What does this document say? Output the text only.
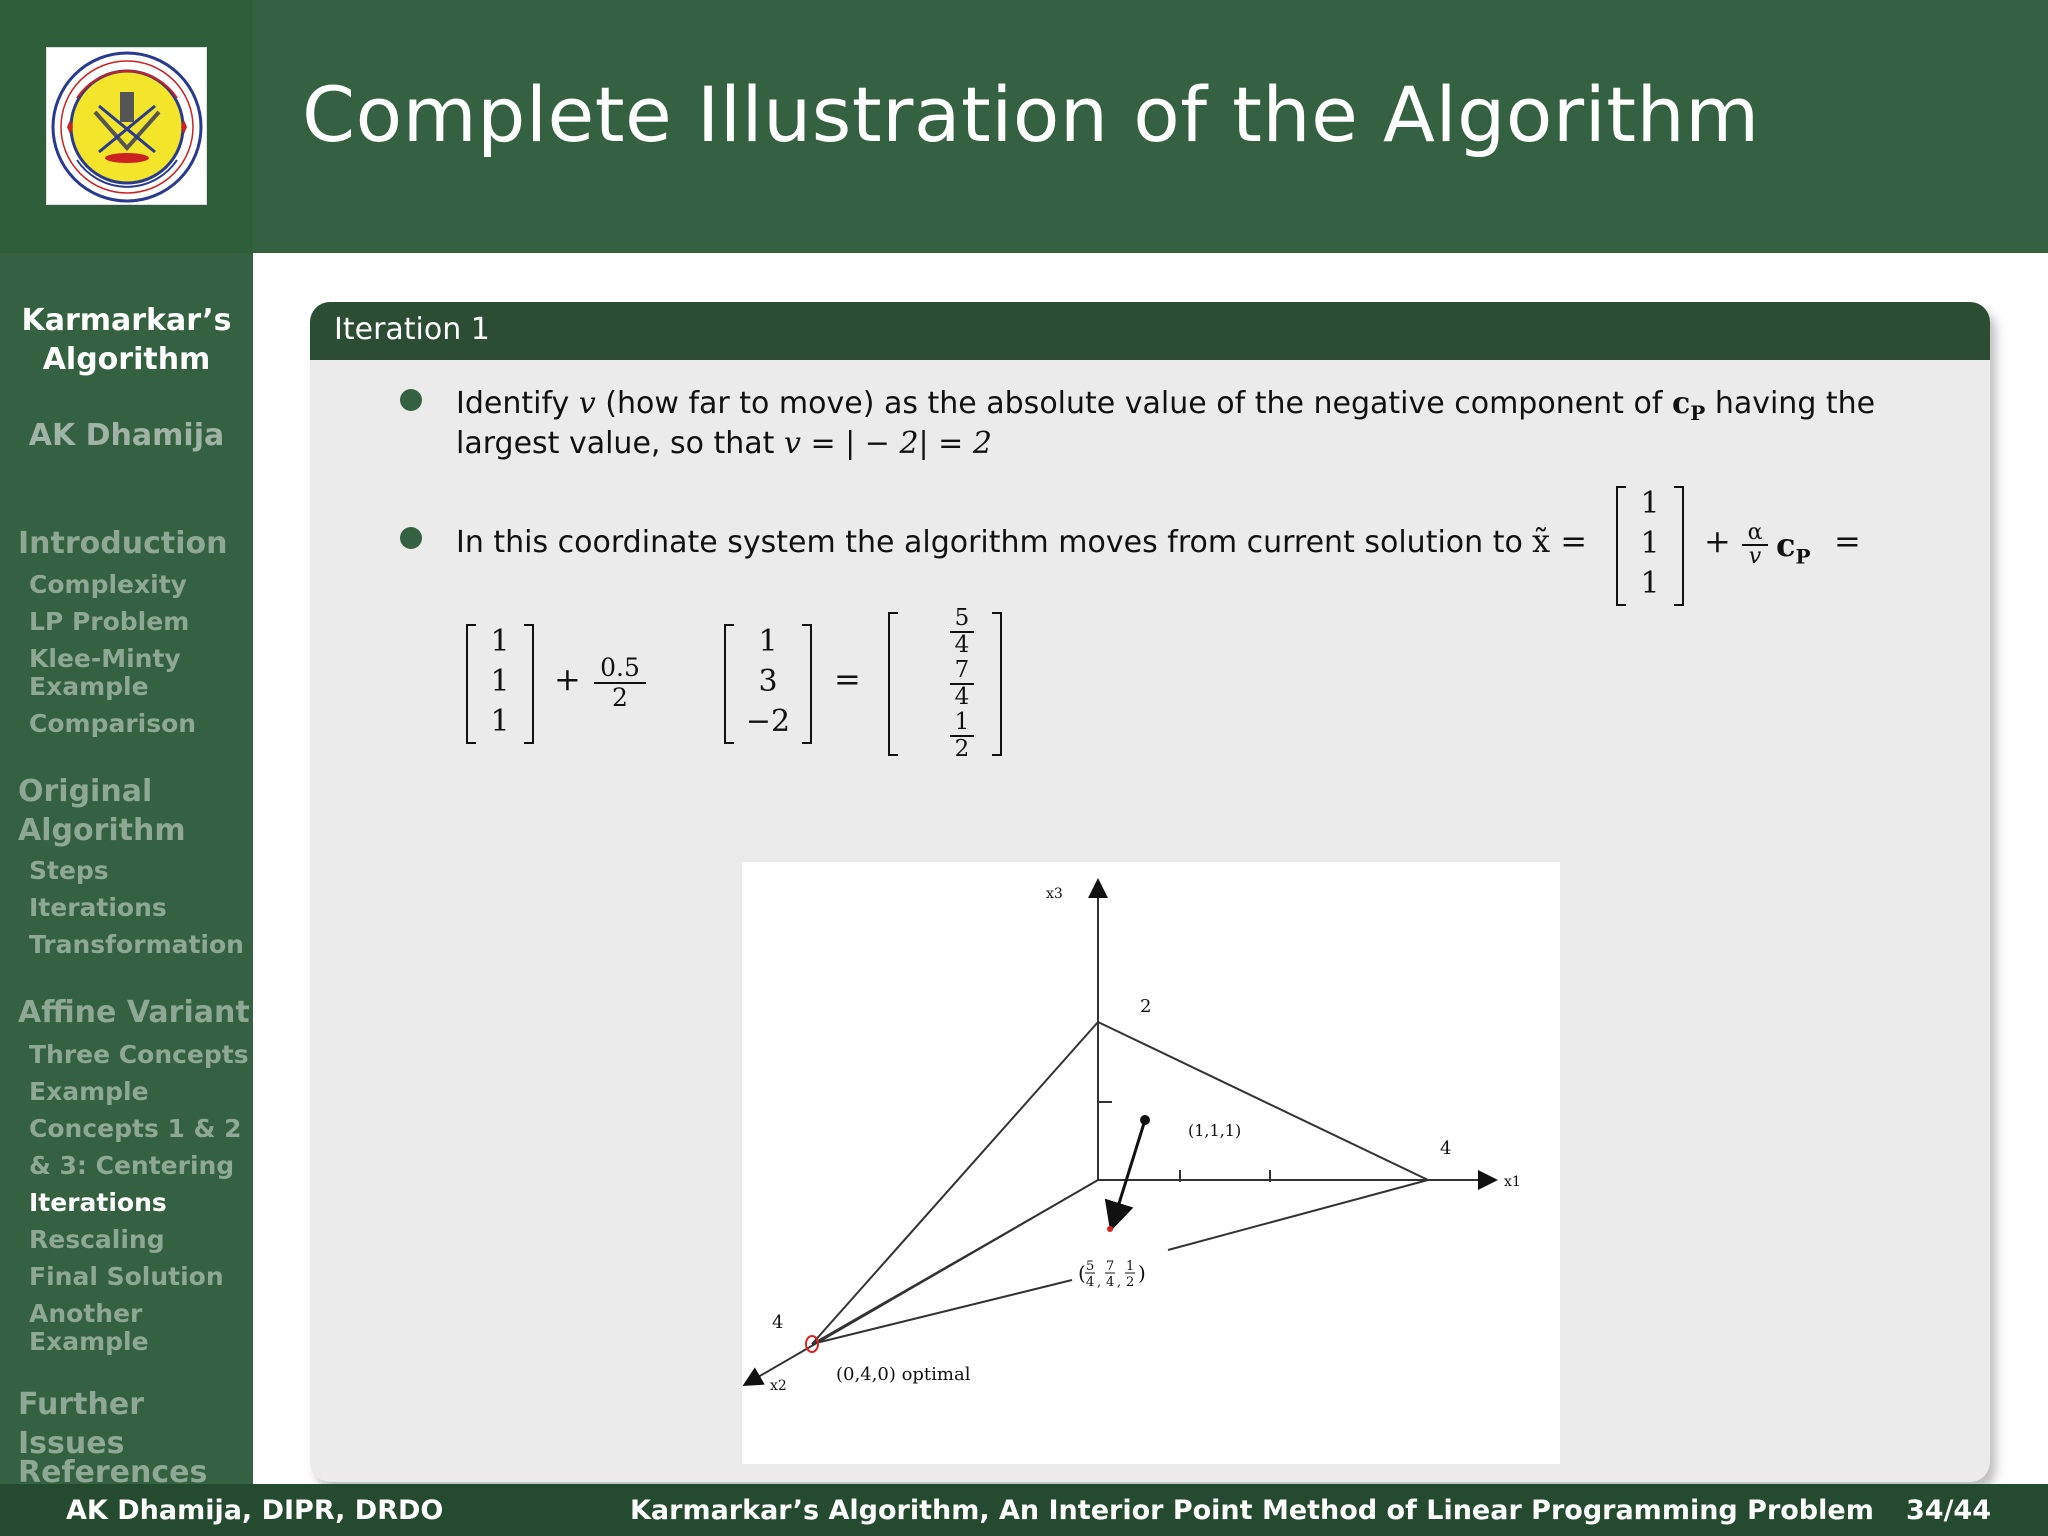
Complete Illustration of the Algorithm
Karmarkar’s
Algorithm
AK Dhamija
Introduction
Complexity
LP Problem
Klee-Minty
Example
Comparison
Original
Algorithm
Steps
Iterations
Transformation
Affine Variant
Three Concepts
Example
Concepts 1 & 2
& 3: Centering
Iterations
Rescaling
Final Solution
Another
Example
Further Issues
References
Iteration 1
Identify v (how far to move) as the absolute value of the negative component of $c_P$ having the
largest value, so that v = | − 2| = 2
In this coordinate system the algorithm moves from current solution to x̃ =
1
1
1
+ α
v $c_P$ =
1
1
1
+ 0.5
2
1
3
−2
=
5
4
7
4
1
2
x3
x1
x2
2
4
4
(1,1,1)
(0,4,0) optimal
( 5
4 ,
7
4 ,
1
2 )
AK Dhamija, DIPR, DRDO	Karmarkar’s Algorithm, An Interior Point Method of Linear Programming Problem 34/44
